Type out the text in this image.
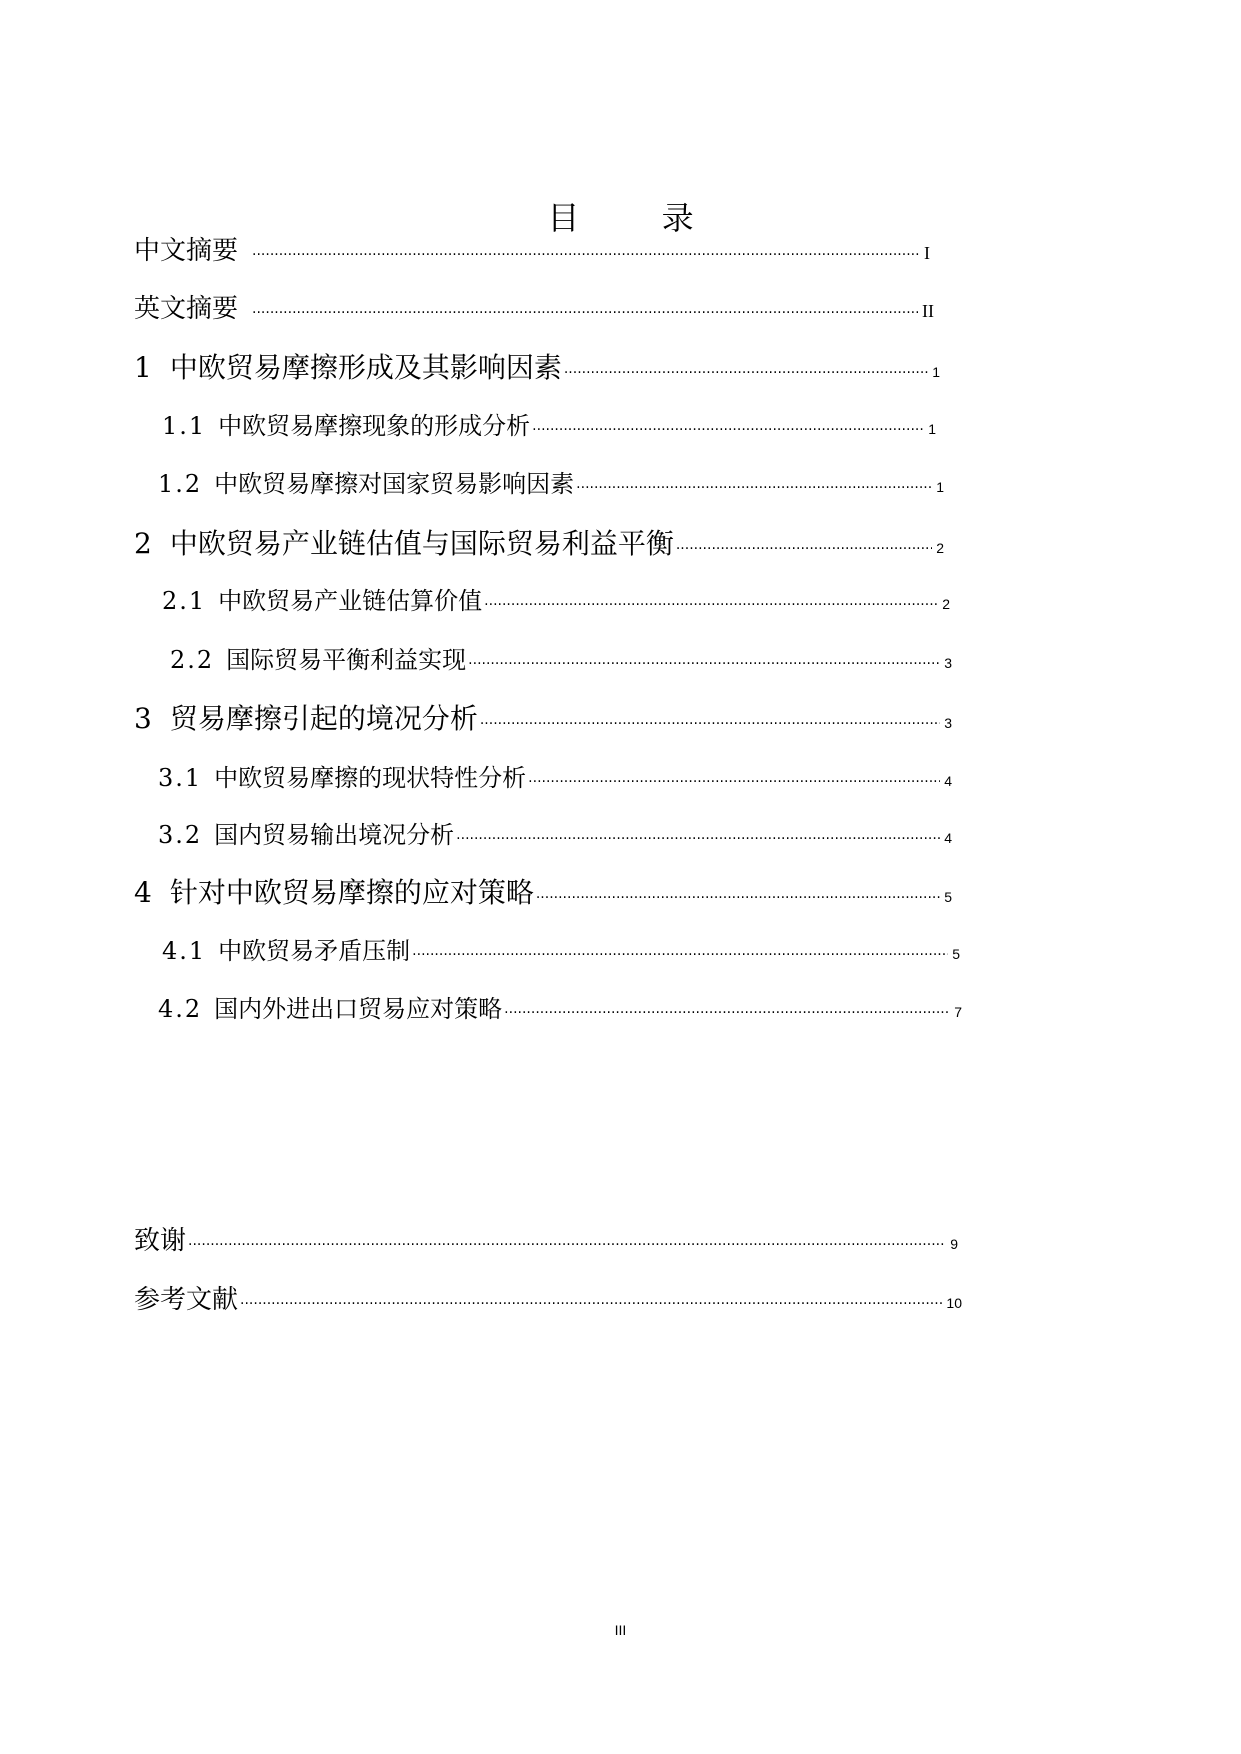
目 录
中文摘要 ·····	I
英文摘要 ·····	II
1 中欧贸易摩擦形成及其影响因素 ·····	1
1.1 中欧贸易摩擦现象的形成分析 ·····	1
1.2 中欧贸易摩擦对国家贸易影响因素 ·····	1
2 中欧贸易产业链估值与国际贸易利益平衡 ·····	2
2.1 中欧贸易产业链估算价值 ·····	2
2.2 国际贸易平衡利益实现 ·····	3
3 贸易摩擦引起的境况分析 ·····	3
3.1 中欧贸易摩擦的现状特性分析 ·····	4
3.2 国内贸易输出境况分析 ·····	4
4 针对中欧贸易摩擦的应对策略 ·····	5
4.1 中欧贸易矛盾压制 ·····	5
4.2 国内外进出口贸易应对策略 ·····	7
致谢 ·····	9
参考文献 ·····	10
III
